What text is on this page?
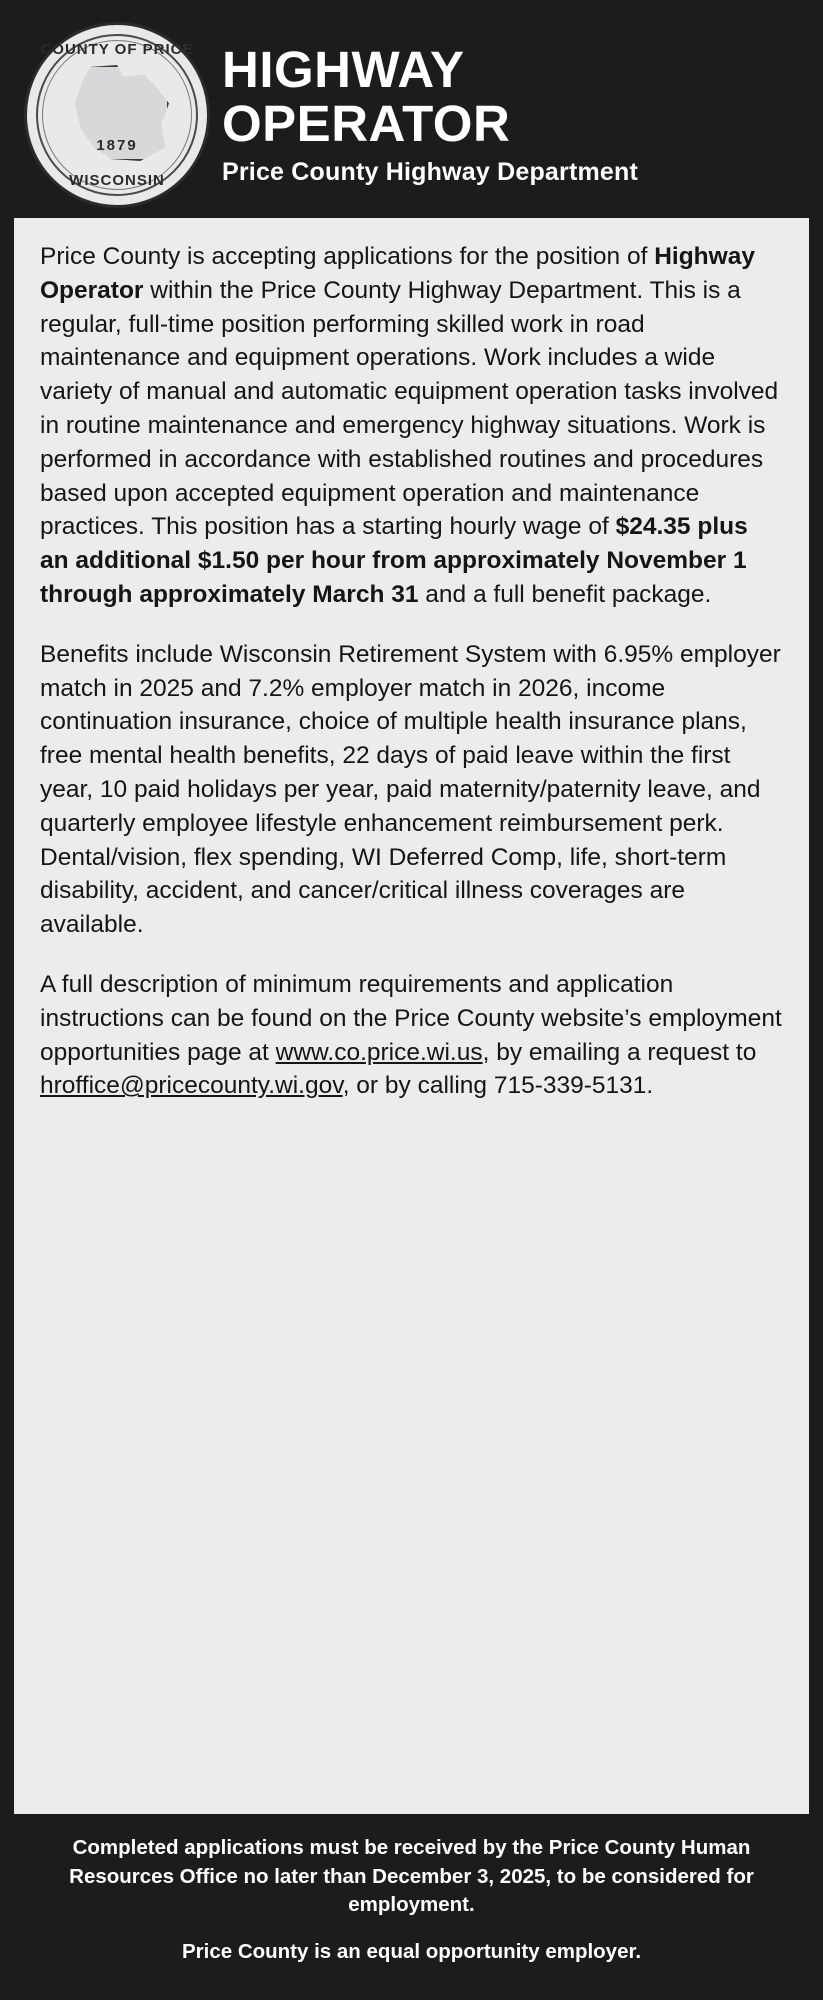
COUNTY OF PRICE
1879
WISCONSIN
HIGHWAY
OPERATOR
Price County Highway Department

Price County is accepting applications for the position of Highway Operator within the Price County Highway Department. This is a regular, full-time position performing skilled work in road maintenance and equipment operations. Work includes a wide variety of manual and automatic equipment operation tasks involved in routine maintenance and emergency highway situations. Work is performed in accordance with established routines and procedures based upon accepted equipment operation and maintenance practices. This position has a starting hourly wage of $24.35 plus an additional $1.50 per hour from approximately November 1 through approximately March 31 and a full benefit package.

Benefits include Wisconsin Retirement System with 6.95% employer match in 2025 and 7.2% employer match in 2026, income continuation insurance, choice of multiple health insurance plans, free mental health benefits, 22 days of paid leave within the first year, 10 paid holidays per year, paid maternity/paternity leave, and quarterly employee lifestyle enhancement reimbursement perk. Dental/vision, flex spending, WI Deferred Comp, life, short-term disability, accident, and cancer/critical illness coverages are available.

A full description of minimum requirements and application instructions can be found on the Price County website’s employment opportunities page at www.co.price.wi.us, by emailing a request to hroffice@pricecounty.wi.gov, or by calling 715-339-5131.

Completed applications must be received by the Price County Human Resources Office no later than December 3, 2025, to be considered for employment.
Price County is an equal opportunity employer.
